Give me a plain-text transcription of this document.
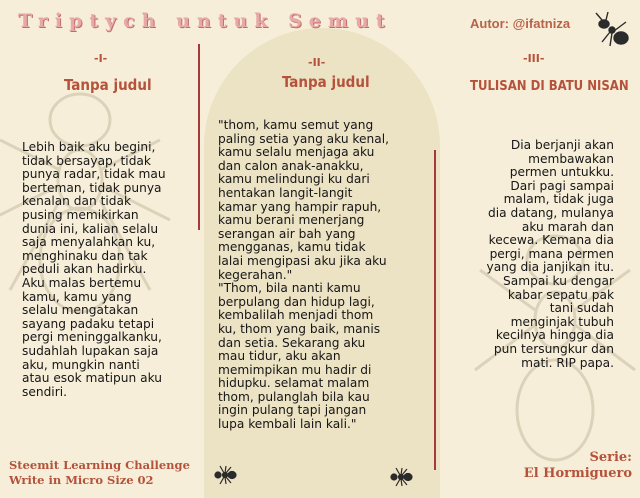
Triptych untuk Semut	Autor: @ifatniza
-I-
Tanpa judul
Lebih baik aku begini,
tidak bersayap, tidak
punya radar, tidak mau
berteman, tidak punya
kenalan dan tidak
pusing memikirkan
dunia ini, kalian selalu
saja menyalahkan ku,
menghinaku dan tak
peduli akan hadirku.
Aku malas bertemu
kamu, kamu yang
selalu mengatakan
sayang padaku tetapi
pergi meninggalkanku,
sudahlah lupakan saja
aku, mungkin nanti
atau esok matipun aku
sendiri.
-II-
Tanpa judul
"thom, kamu semut yang
paling setia yang aku kenal,
kamu selalu menjaga aku
dan calon anak-anakku,
kamu melindungi ku dari
hentakan langit-langit
kamar yang hampir rapuh,
kamu berani menerjang
serangan air bah yang
mengganas, kamu tidak
lalai mengipasi aku jika aku
kegerahan."
"Thom, bila nanti kamu
berpulang dan hidup lagi,
kembalilah menjadi thom
ku, thom yang baik, manis
dan setia. Sekarang aku
mau tidur, aku akan
memimpikan mu hadir di
hidupku. selamat malam
thom, pulanglah bila kau
ingin pulang tapi jangan
lupa kembali lain kali."
-III-
TULISAN DI BATU NISAN
Dia berjanji akan
membawakan
permen untukku.
Dari pagi sampai
malam, tidak juga
dia datang, mulanya
aku marah dan
kecewa. Kemana dia
pergi, mana permen
yang dia janjikan itu.
Sampai ku dengar
kabar sepatu pak
tani sudah
menginjak tubuh
kecilnya hingga dia
pun tersungkur dan
mati. RIP papa.
Steemit Learning Challenge
Write in Micro Size 02
Serie:
El Hormiguero
